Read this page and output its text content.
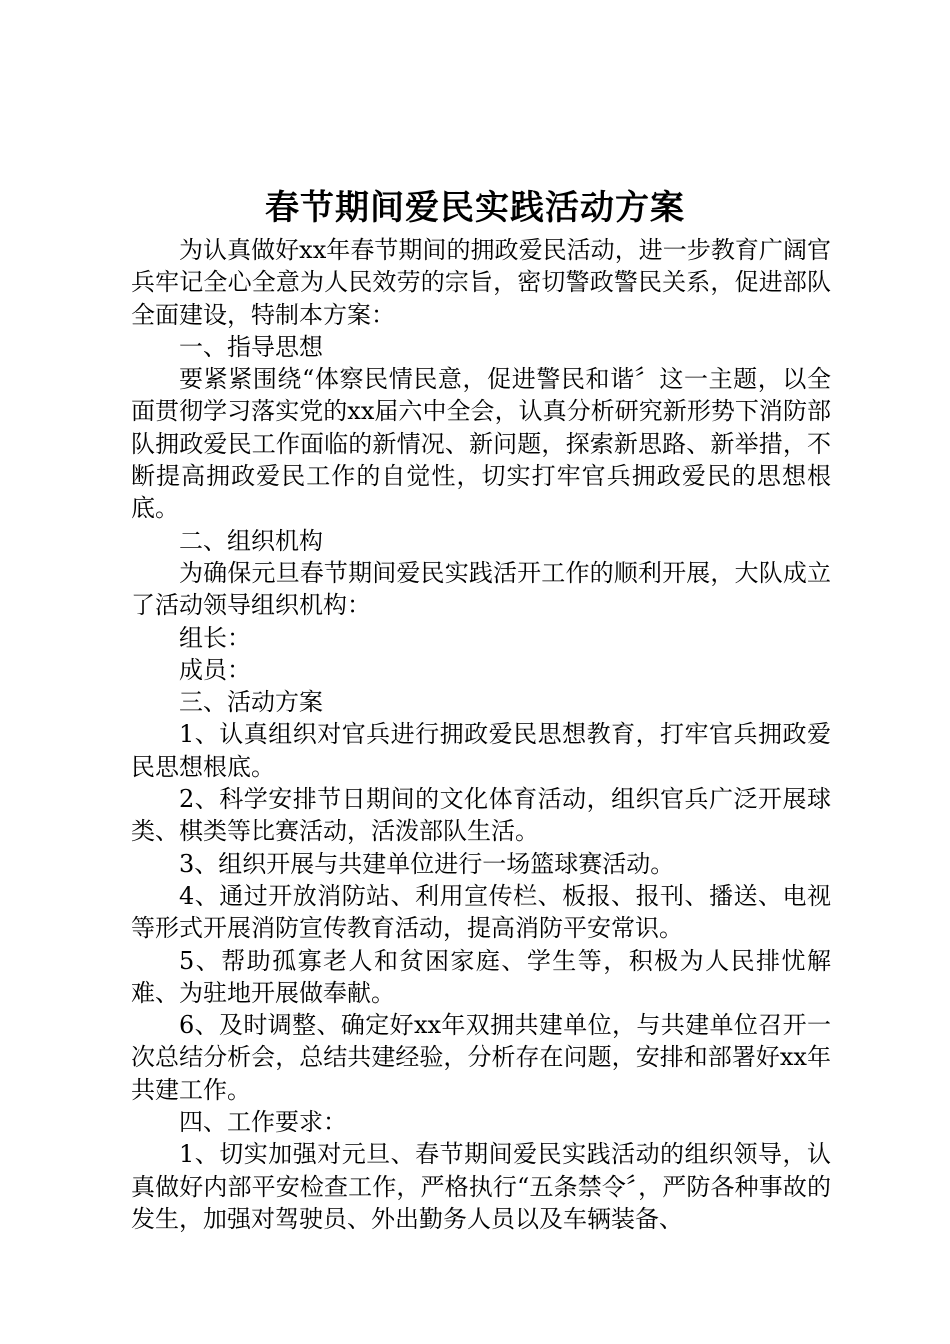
春节期间爱民实践活动方案

为认真做好xx年春节期间的拥政爱民活动，进一步教育广阔官兵牢记全心全意为人民效劳的宗旨，密切警政警民关系，促进部队全面建设，特制本方案：

一、指导思想

要紧紧围绕“体察民情民意，促进警民和谐〞这一主题，以全面贯彻学习落实党的xx届六中全会，认真分析研究新形势下消防部队拥政爱民工作面临的新情况、新问题，探索新思路、新举措，不断提高拥政爱民工作的自觉性，切实打牢官兵拥政爱民的思想根底。

二、组织机构

为确保元旦春节期间爱民实践活开工作的顺利开展，大队成立了活动领导组织机构：

组长：

成员：

三、活动方案

1、认真组织对官兵进行拥政爱民思想教育，打牢官兵拥政爱民思想根底。

2、科学安排节日期间的文化体育活动，组织官兵广泛开展球类、棋类等比赛活动，活泼部队生活。

3、组织开展与共建单位进行一场篮球赛活动。

4、通过开放消防站、利用宣传栏、板报、报刊、播送、电视等形式开展消防宣传教育活动，提高消防平安常识。

5、帮助孤寡老人和贫困家庭、学生等，积极为人民排忧解难、为驻地开展做奉献。

6、及时调整、确定好xx年双拥共建单位，与共建单位召开一次总结分析会，总结共建经验，分析存在问题，安排和部署好xx年共建工作。

四、工作要求：

1、切实加强对元旦、春节期间爱民实践活动的组织领导，认真做好内部平安检查工作，严格执行“五条禁令〞，严防各种事故的发生，加强对驾驶员、外出勤务人员以及车辆装备、
